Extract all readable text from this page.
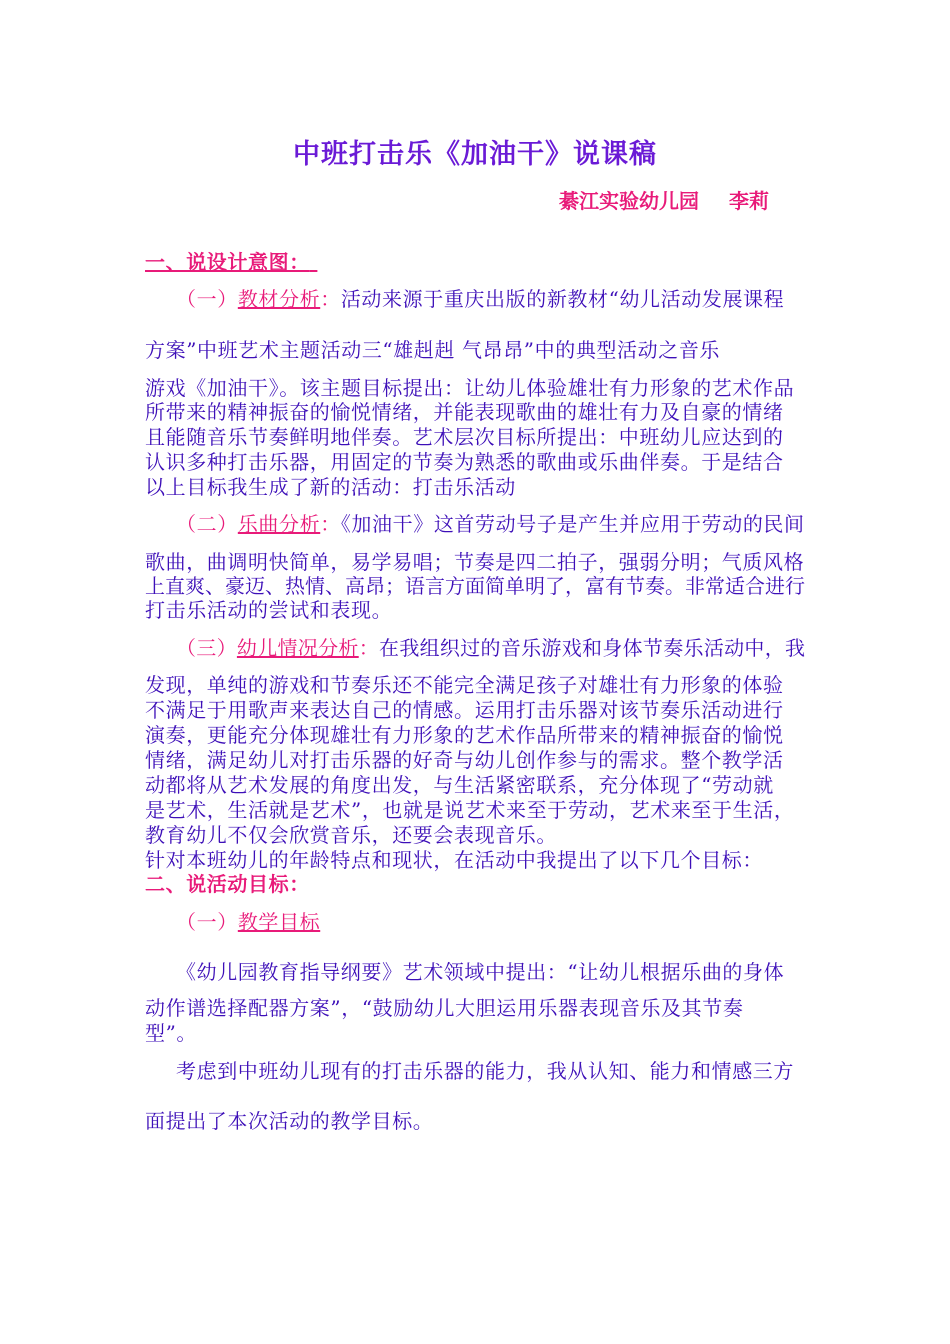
中班打击乐《加油干》说课稿
綦江实验幼儿园 李莉
一、说设计意图：
（一）教材分析：活动来源于重庆出版的新教材“幼儿活动发展课程
方案”中班艺术主题活动三“雄赳赳 气昂昂”中的典型活动之音乐
游戏《加油干》。该主题目标提出：让幼儿体验雄壮有力形象的艺术作品
所带来的精神振奋的愉悦情绪，并能表现歌曲的雄壮有力及自豪的情绪
且能随音乐节奏鲜明地伴奏。艺术层次目标所提出：中班幼儿应达到的
认识多种打击乐器，用固定的节奏为熟悉的歌曲或乐曲伴奏。于是结合
以上目标我生成了新的活动：打击乐活动
（二）乐曲分析：《加油干》这首劳动号子是产生并应用于劳动的民间
歌曲，曲调明快简单，易学易唱；节奏是四二拍子，强弱分明；气质风格
上直爽、豪迈、热情、高昂；语言方面简单明了，富有节奏。非常适合进行
打击乐活动的尝试和表现。
（三）幼儿情况分析：在我组织过的音乐游戏和身体节奏乐活动中，我
发现，单纯的游戏和节奏乐还不能完全满足孩子对雄壮有力形象的体验
不满足于用歌声来表达自己的情感。运用打击乐器对该节奏乐活动进行
演奏，更能充分体现雄壮有力形象的艺术作品所带来的精神振奋的愉悦
情绪，满足幼儿对打击乐器的好奇与幼儿创作参与的需求。整个教学活
动都将从艺术发展的角度出发，与生活紧密联系，充分体现了“劳动就
是艺术，生活就是艺术”，也就是说艺术来至于劳动，艺术来至于生活，
教育幼儿不仅会欣赏音乐，还要会表现音乐。
针对本班幼儿的年龄特点和现状，在活动中我提出了以下几个目标：
二、说活动目标：
（一）教学目标
《幼儿园教育指导纲要》艺术领域中提出：“让幼儿根据乐曲的身体
动作谱选择配器方案”，“鼓励幼儿大胆运用乐器表现音乐及其节奏
型”。
考虑到中班幼儿现有的打击乐器的能力，我从认知、能力和情感三方
面提出了本次活动的教学目标。
